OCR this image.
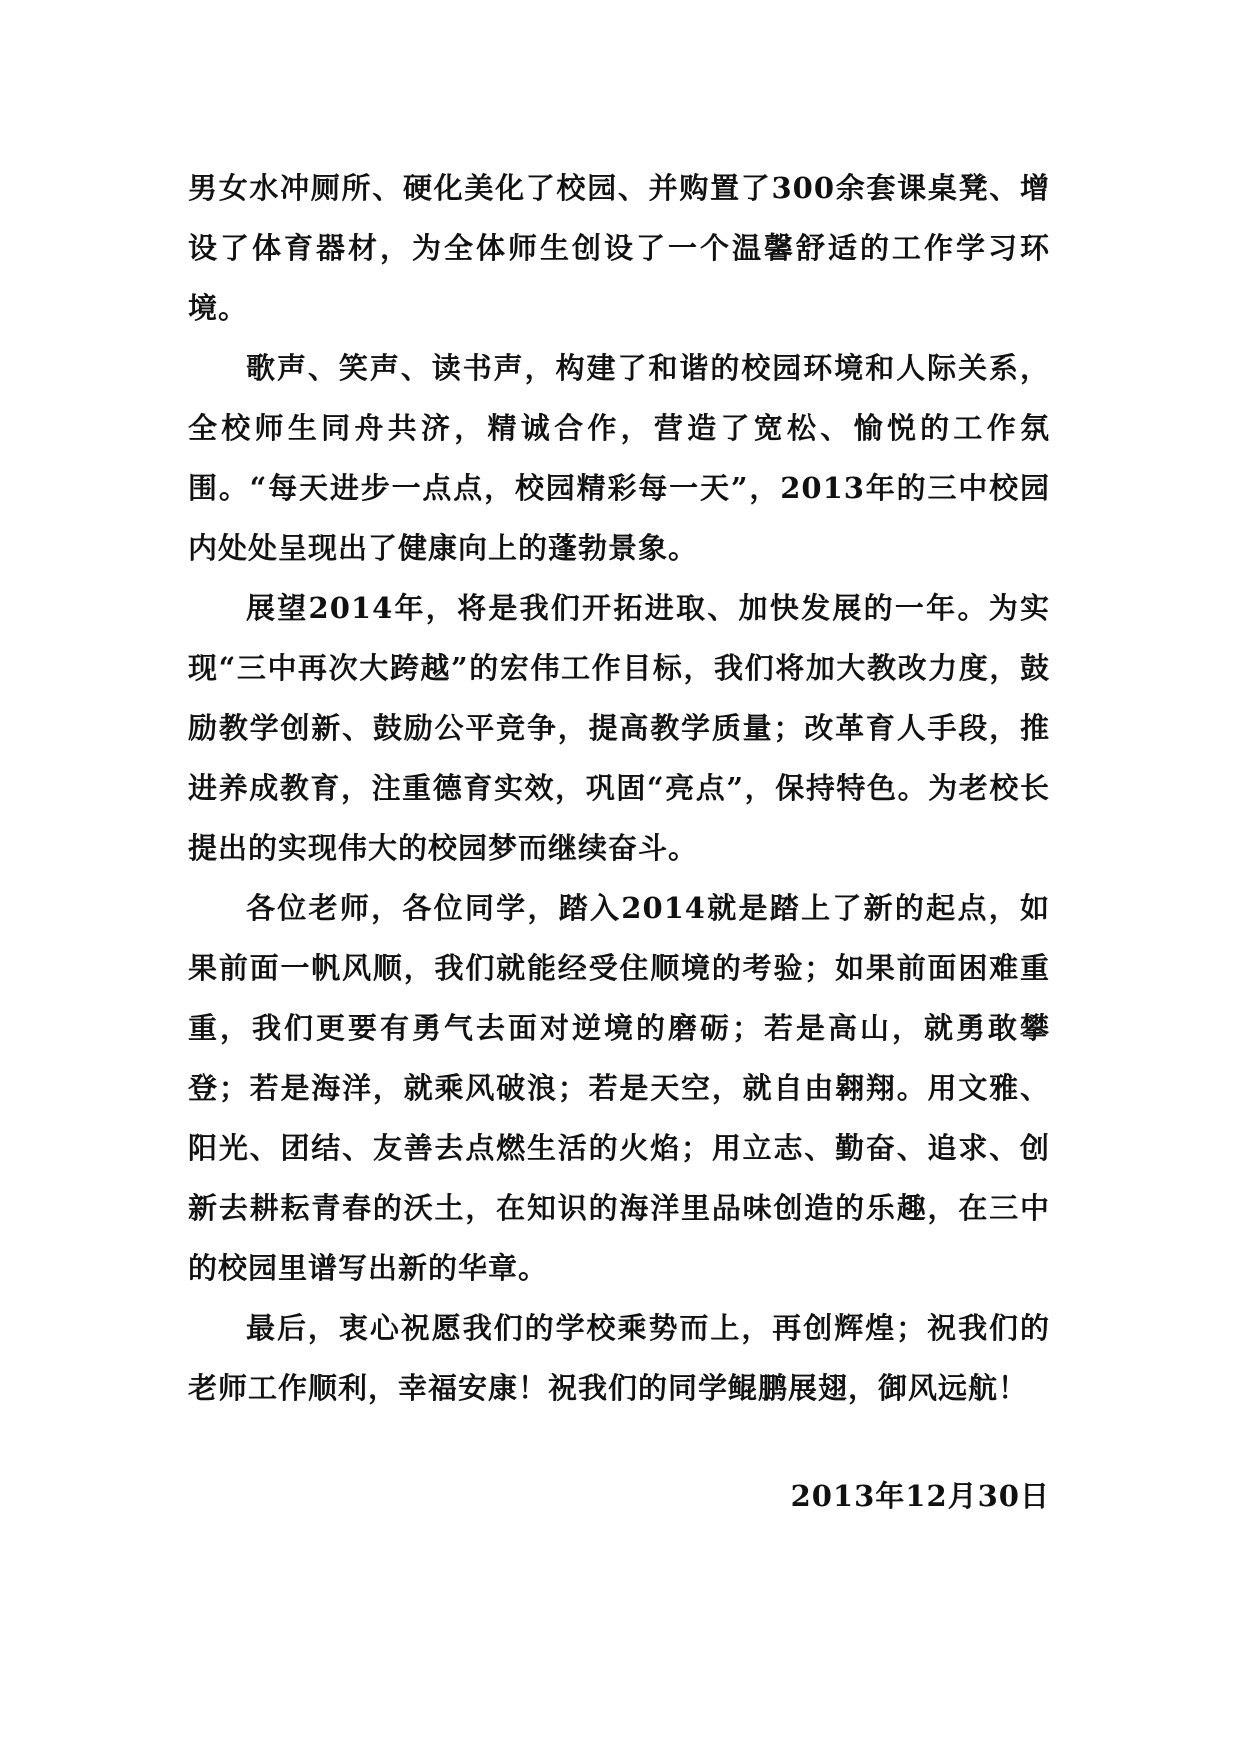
男女水冲厕所、硬化美化了校园、并购置了300余套课桌凳、增设了体育器材，为全体师生创设了一个温馨舒适的工作学习环境。

歌声、笑声、读书声，构建了和谐的校园环境和人际关系，全校师生同舟共济，精诚合作，营造了宽松、愉悦的工作氛围。“每天进步一点点，校园精彩每一天”，2013年的三中校园内处处呈现出了健康向上的蓬勃景象。

展望2014年，将是我们开拓进取、加快发展的一年。为实现“三中再次大跨越”的宏伟工作目标，我们将加大教改力度，鼓励教学创新、鼓励公平竞争，提高教学质量；改革育人手段，推进养成教育，注重德育实效，巩固“亮点”，保持特色。为老校长提出的实现伟大的校园梦而继续奋斗。

各位老师，各位同学，踏入2014就是踏上了新的起点，如果前面一帆风顺，我们就能经受住顺境的考验；如果前面困难重重，我们更要有勇气去面对逆境的磨砺；若是高山，就勇敢攀登；若是海洋，就乘风破浪；若是天空，就自由翱翔。用文雅、阳光、团结、友善去点燃生活的火焰；用立志、勤奋、追求、创新去耕耘青春的沃土，在知识的海洋里品味创造的乐趣，在三中的校园里谱写出新的华章。

最后，衷心祝愿我们的学校乘势而上，再创辉煌；祝我们的老师工作顺利，幸福安康！祝我们的同学鲲鹏展翅，御风远航！

2013年12月30日
